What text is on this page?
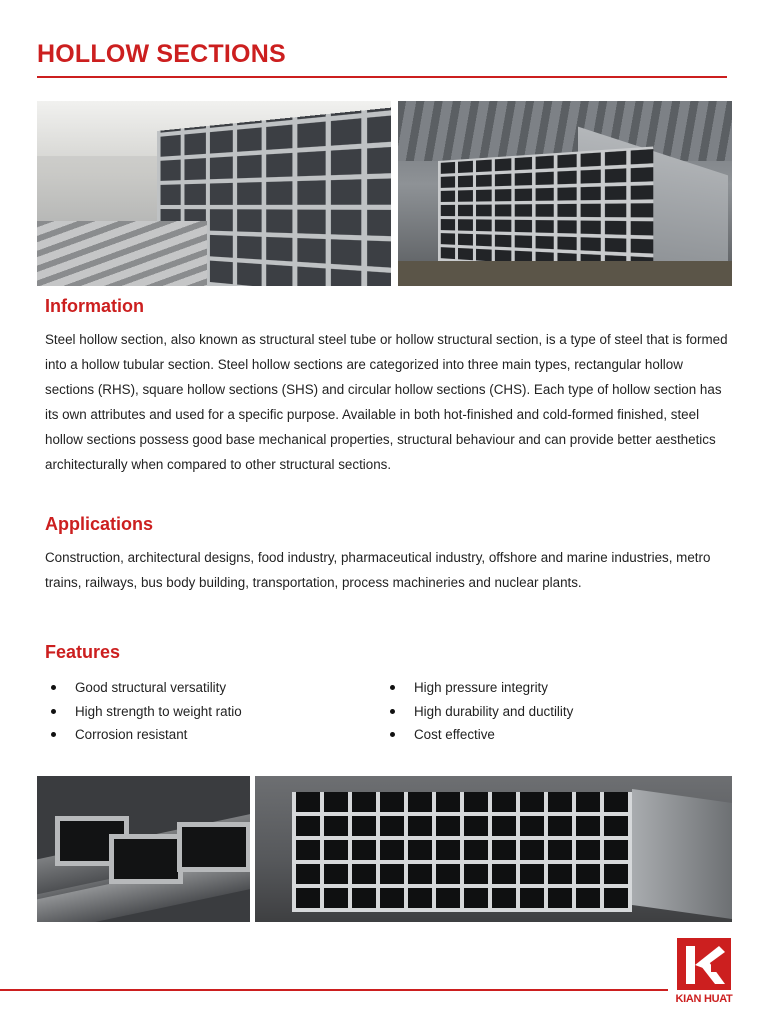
HOLLOW SECTIONS
Information

Steel hollow section, also known as structural steel tube or hollow structural section, is a type of steel that is formed into a hollow tubular section. Steel hollow sections are categorized into three main types, rectangular hollow sections (RHS), square hollow sections (SHS) and circular hollow sections (CHS). Each type of hollow section has its own attributes and used for a specific purpose. Available in both hot-finished and cold-formed finished, steel hollow sections possess good base mechanical properties, structural behaviour and can provide better aesthetics architecturally when compared to other structural sections.

Applications

Construction, architectural designs, food industry, pharmaceutical industry, offshore and marine industries, metro trains, railways, bus body building, transportation, process machineries and nuclear plants.

Features
Good structural versatility
High strength to weight ratio
Corrosion resistant
High pressure integrity
High durability and ductility
Cost effective
KIAN HUAT
